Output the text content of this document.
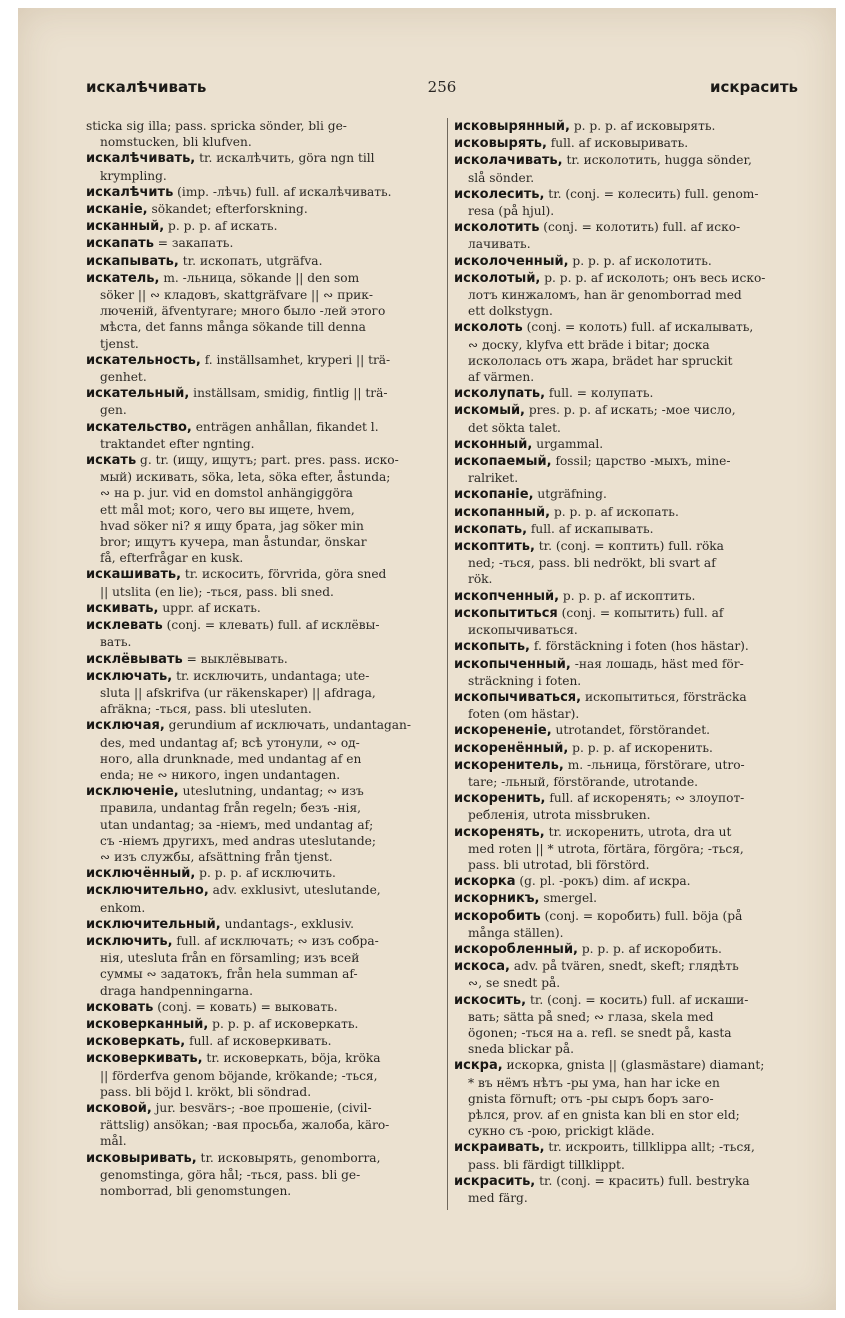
искалѣчивать	256	искрасить
sticka sig illa; pass. spricka sönder, bli ge-
nomstucken, bli klufven.
искалѣчивать, tr. искалѣчить, göra ngn till
krympling.
искалѣчить (imp. -лѣчь) full. af искалѣчивать.
исканіе, sökandet; efterforskning.
исканный, p. p. p. af искать.
искапать = закапать.
искапывать, tr. ископать, utgräfva.
искатель, m. -льница, sökande || den som
söker || ∾ кладовъ, skattgräfvare || ∾ прик-
люченій, äfventyrare; многo было -лей этого
мѣста, det fanns många sökande till denna
tjenst.
искательность, f. inställsamhet, kryperi || trä-
genhet.
искательный, inställsam, smidig, fintlig || trä-
gen.
искательство, enträgen anhållan, fikandet l.
traktandet efter ngnting.
искать g. tr. (ищу, ищутъ; part. pres. pass. иско-
мый) искивать, söka, leta, söka efter, åstunda;
∾ на p. jur. vid en domstol anhängiggöra
ett mål mot; кого, чего вы ищете, hvem,
hvad söker ni? я ищу брата, jag söker min
bror; ищутъ кучера, man åstundar, önskar
få, efterfrågar en kusk.
искашивать, tr. искосить, förvrida, göra sned
|| utslita (en lie); -ться, pass. bli sned.
искивать, uppr. af искать.
исклевать (conj. = клевать) full. af исклёвы-
вать.
исклёвывать = выклёвывать.
исключать, tr. исключить, undantaga; ute-
sluta || afskrifva (ur räkenskaper) || afdraga,
afräkna; -ться, pass. bli utesluten.
исключая, gerundium af исключать, undantagan-
des, med undantag af; всѣ утонули, ∾ од-
ного, alla drunknade, med undantag af en
enda; не ∾ никого, ingen undantagen.
исключеніе, uteslutning, undantag; ∾ изъ
правила, undantag från regeln; безъ -нія,
utan undantag; за -ніемъ, med undantag af;
съ -ніемъ другихъ, med andras uteslutande;
∾ изъ службы, afsättning från tjenst.
исключённый, p. p. p. af исключить.
исключительно, adv. exklusivt, uteslutande,
enkom.
исключительный, undantags-, exklusiv.
исключить, full. af исключать; ∾ изъ собра-
нія, utesluta från en församling; изъ всей
суммы ∾ задатокъ, från hela summan af-
draga handpenningarna.
исковать (conj. = ковать) = выковать.
исковерканный, p. p. p. af исковеркать.
исковеркать, full. af исковеркивать.
исковеркивать, tr. исковеркать, böja, kröka
|| förderfva genom böjande, krökande; -ться,
pass. bli böjd l. krökt, bli söndrad.
исковой, jur. besvärs-; -вое прошеніе, (civil-
rättslig) ansökan; -вая просьба, жалоба, käro-
mål.
исковыривать, tr. исковырять, genomborra,
genomstinga, göra hål; -ться, pass. bli ge-
nomborrad, bli genomstungen.
исковырянный, p. p. p. af исковырять.
исковырять, full. af исковыривать.
исколачивать, tr. исколотить, hugga sönder,
slå sönder.
исколесить, tr. (conj. = колесить) full. genom-
resa (på hjul).
исколотить (conj. = колотить) full. af иско-
лачивать.
исколоченный, p. p. p. af исколотить.
исколотый, p. p. p. af исколоть; онъ весь иско-
лотъ кинжаломъ, han är genomborrad med
ett dolkstygn.
исколоть (conj. = колоть) full. af искалывать,
∾ доску, klyfva ett bräde i bitar; доска
искололась отъ жара, brädet har spruckit
af värmen.
исколупать, full. = колупать.
искомый, pres. p. p. af искать; -мое число,
det sökta talet.
исконный, urgammal.
ископаемый, fossil; царство -мыхъ, mine-
ralriket.
ископаніе, utgräfning.
ископанный, p. p. p. af ископать.
ископать, full. af искапывать.
ископтить, tr. (conj. = коптить) full. röka
ned; -ться, pass. bli nedrökt, bli svart af
rök.
ископченный, p. p. p. af ископтить.
ископытиться (conj. = копытить) full. af
ископычиваться.
ископыть, f. förstäckning i foten (hos hästar).
ископыченный, -ная лошадь, häst med för-
sträckning i foten.
ископычиваться, ископытиться, försträcka
foten (om hästar).
искорененіе, utrotandet, förstörandet.
искоренённый, p. p. p. af искоренить.
искоренитель, m. -льница, förstörare, utro-
tare; -льный, förstörande, utrotande.
искоренить, full. af искоренять; ∾ злоупот-
ребленія, utrota missbruken.
искоренять, tr. искоренить, utrota, dra ut
med roten || * utrota, förtära, förgöra; -ться,
pass. bli utrotad, bli förstörd.
искорка (g. pl. -рокъ) dim. af искра.
искорникъ, smergel.
искоробить (conj. = коробить) full. böja (på
många ställen).
искоробленный, p. p. p. af искоробить.
искоса, adv. på tvären, snedt, skeft; глядѣть
∾, se snedt på.
искосить, tr. (conj. = косить) full. af искаши-
вать; sätta på sned; ∾ глаза, skela med
ögonen; -ться на a. refl. se snedt på, kasta
sneda blickar på.
искра, искорка, gnista || (glasmästare) diamant;
* въ нёмъ нѣтъ -ры ума, han har icke en
gnista förnuft; отъ -ры сыръ боръ заго-
рѣлся, prov. af en gnista kan bli en stor eld;
сукно съ -рою, prickigt kläde.
искраивать, tr. искроить, tillklippa allt; -ться,
pass. bli färdigt tillklippt.
искрасить, tr. (conj. = красить) full. bestryka
med färg.
